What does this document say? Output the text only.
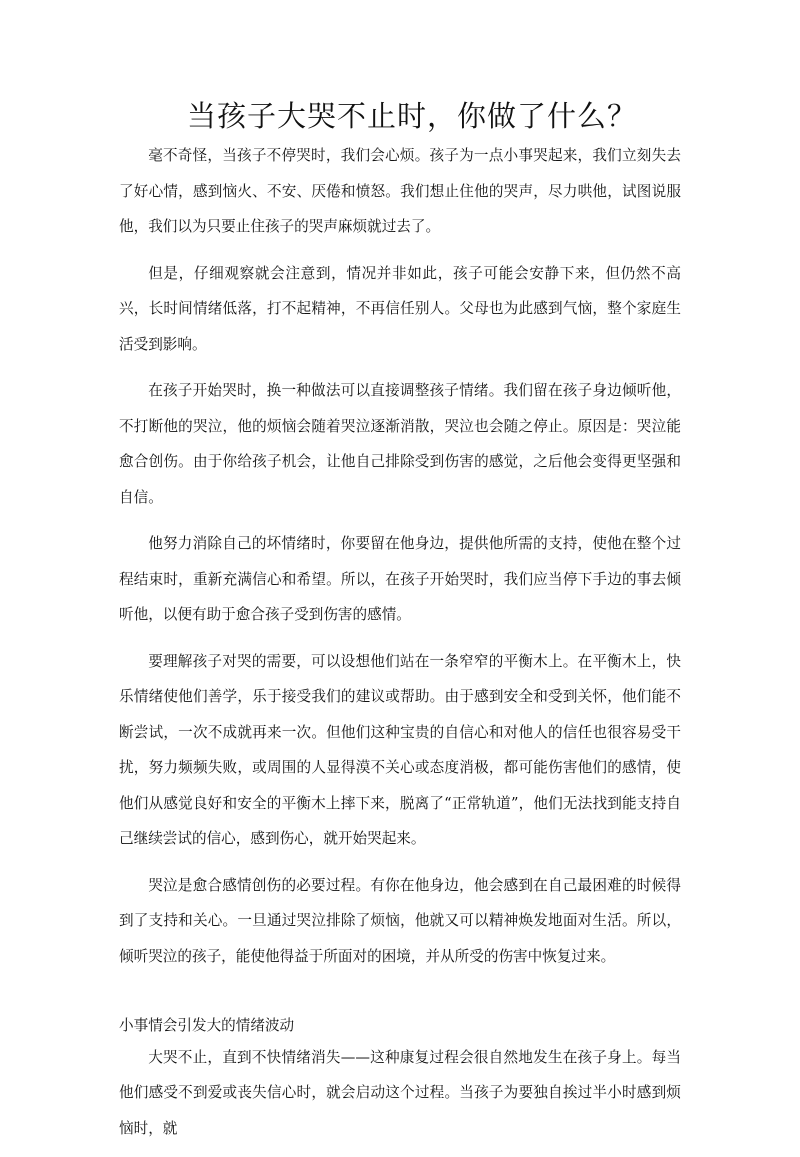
当孩子大哭不止时，你做了什么？

毫不奇怪，当孩子不停哭时，我们会心烦。孩子为一点小事哭起来，我们立刻失去了好心情，感到恼火、不安、厌倦和愤怒。我们想止住他的哭声，尽力哄他，试图说服他，我们以为只要止住孩子的哭声麻烦就过去了。

但是，仔细观察就会注意到，情况并非如此，孩子可能会安静下来，但仍然不高兴，长时间情绪低落，打不起精神，不再信任别人。父母也为此感到气恼，整个家庭生活受到影响。

在孩子开始哭时，换一种做法可以直接调整孩子情绪。我们留在孩子身边倾听他，不打断他的哭泣，他的烦恼会随着哭泣逐渐消散，哭泣也会随之停止。原因是：哭泣能愈合创伤。由于你给孩子机会，让他自己排除受到伤害的感觉，之后他会变得更坚强和自信。

他努力消除自己的坏情绪时，你要留在他身边，提供他所需的支持，使他在整个过程结束时，重新充满信心和希望。所以，在孩子开始哭时，我们应当停下手边的事去倾听他，以便有助于愈合孩子受到伤害的感情。

要理解孩子对哭的需要，可以设想他们站在一条窄窄的平衡木上。在平衡木上，快乐情绪使他们善学，乐于接受我们的建议或帮助。由于感到安全和受到关怀，他们能不断尝试，一次不成就再来一次。但他们这种宝贵的自信心和对他人的信任也很容易受干扰，努力频频失败，或周围的人显得漠不关心或态度消极，都可能伤害他们的感情，使他们从感觉良好和安全的平衡木上摔下来，脱离了“正常轨道”，他们无法找到能支持自己继续尝试的信心，感到伤心，就开始哭起来。

哭泣是愈合感情创伤的必要过程。有你在他身边，他会感到在自己最困难的时候得到了支持和关心。一旦通过哭泣排除了烦恼，他就又可以精神焕发地面对生活。所以，倾听哭泣的孩子，能使他得益于所面对的困境，并从所受的伤害中恢复过来。

小事情会引发大的情绪波动

大哭不止，直到不快情绪消失——这种康复过程会很自然地发生在孩子身上。每当他们感受不到爱或丧失信心时，就会启动这个过程。当孩子为要独自挨过半小时感到烦恼时，就
